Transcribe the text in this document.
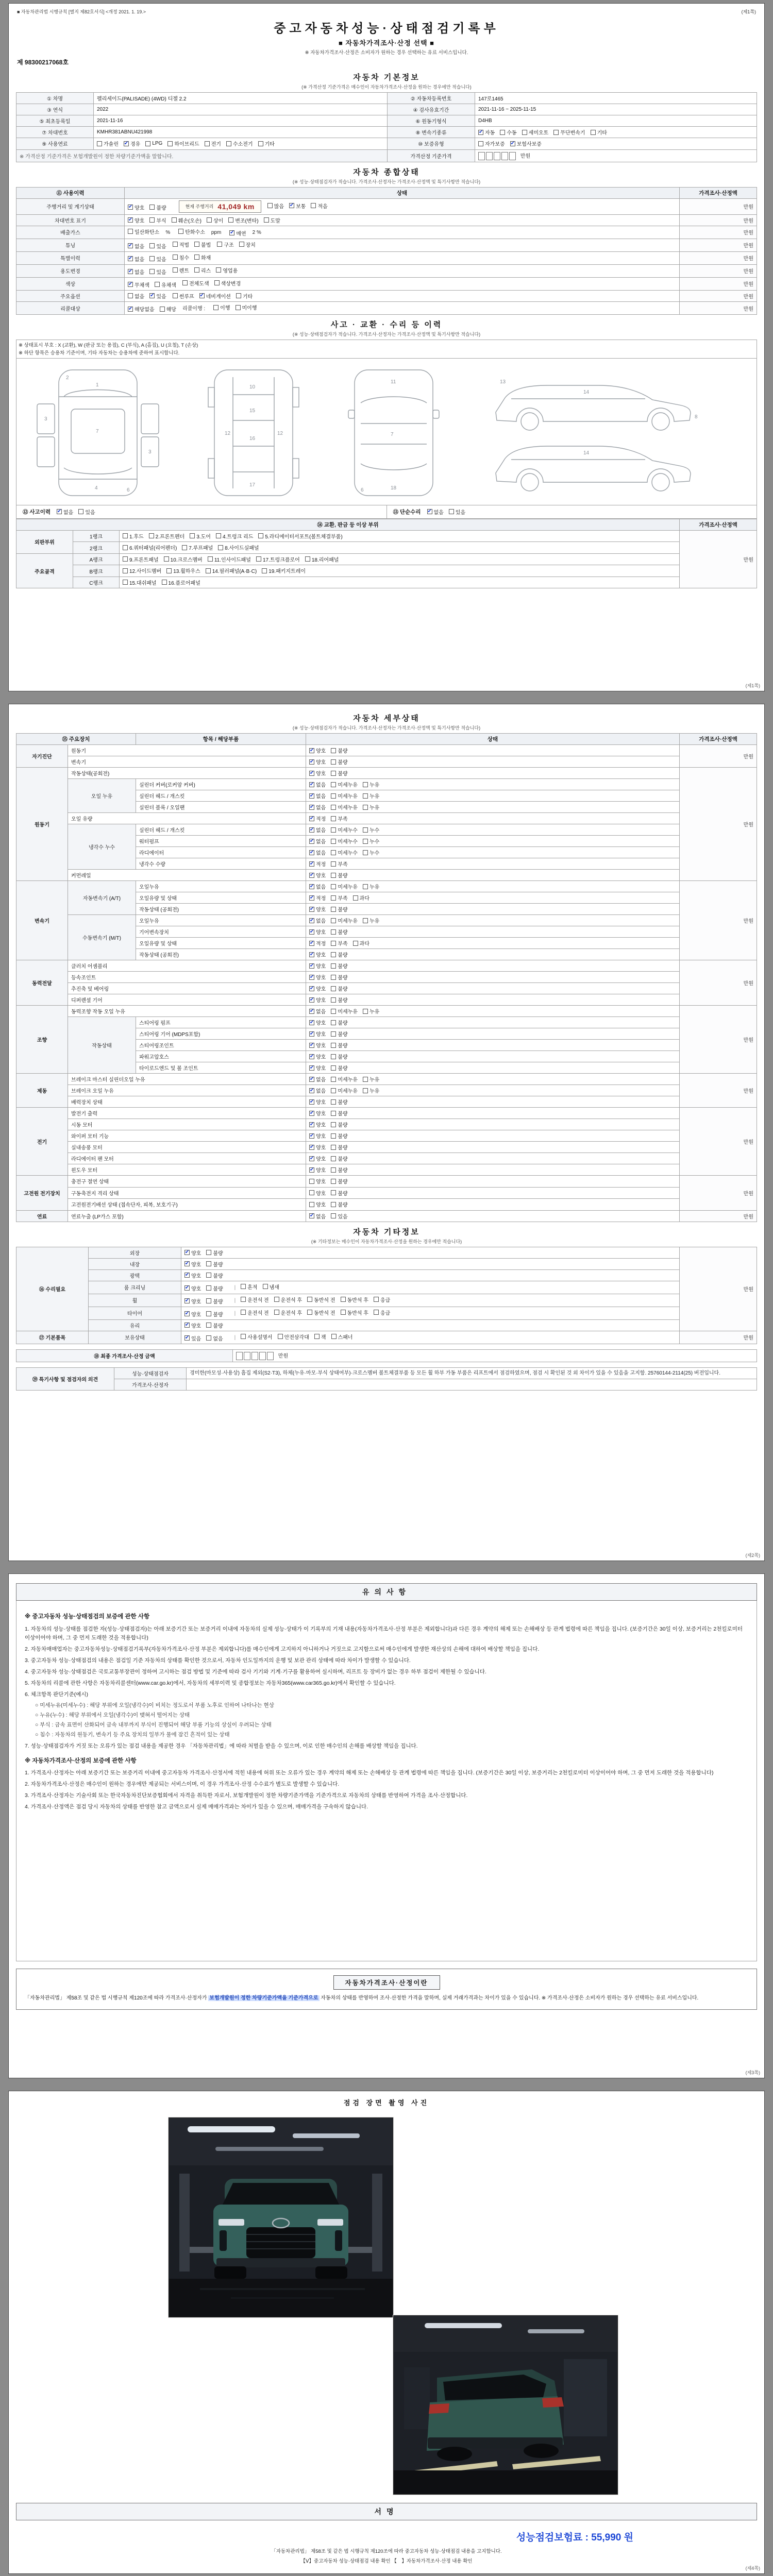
■ 자동차관리법 시행규칙 [별지 제82호서식] <개정 2021. 1. 19.>	(제1쪽)
중고자동차성능·상태점검기록부
■ 자동차가격조사·산정 선택 ■
※ 자동차가격조사·산정은 소비자가 원하는 경우 선택하는 유료 서비스입니다.
제 98300217068호
자동차 기본정보
(※ 가격산정 기준가격은 매수인이 자동차가격조사·산정을 원하는 경우에만 적습니다)
① 차명	펠리세이드(PALISADE) (4WD) 디젤 2.2	② 자동차등록번호	147로1465
③ 연식	2022	④ 검사유효기간	2021-11-16 ~ 2025-11-15
⑤ 최초등록일	2021-11-16	⑥ 원동기형식	D4HB
⑦ 차대번호	KMHR381ABNU421998	⑧ 변속기종류	✔ 자동 수동 세미오토 무단변속기 기타

⑨ 사용연료	가솔린 ✔ 경유 LPG 하이브리드 전기 수소전기 기타	⑩ 보증유형	자가보증 ✔ 보험사보증

※ 가격산정 기준가격은 보험개발원이 정한 차량기준가액을 말합니다.		가격산정 기준가격	만원
자동차 종합상태
(※ 성능·상태점검자가 적습니다. 가격조사·산정자는 가격조사·산정액 및 특기사항만 적습니다)
⑪ 사용이력	상태	가격조사·산정액
주행거리 및 계기상태	✔ 양호 불량	현재 주행거리 41,049 km	많음 ✔ 보통 적음	만원
차대번호 표기	✔ 양호 부식 훼손(오손) 상이 변조(변타) 도말	만원
배출가스	일산화탄소 %	탄화수소 ppm ✔ 매연 2 %	만원
튜닝	✔ 없음 있음	적법 불법	구조 장치	만원
특별이력	✔ 없음 있음 침수 화재	만원
용도변경	✔ 없음 있음	렌트 리스 영업용	만원
색상	✔ 무채색 유채색 전체도색 색상변경	만원
주요옵션	없음 ✔ 있음	썬루프 ✔ 네비게이션 기타	만원
리콜대상	✔ 해당없음 해당 리콜이행 :	이행 미이행	만원
사고 · 교환 · 수리 등 이력
(※ 성능·상태점검자가 적습니다. 가격조사·산정자는 가격조사·산정액 및 특기사항만 적습니다)
※ 상태표시 부호 : X (교환), W (판금 또는 용접), C (부식), A (흠집), U (요철), T (손상)
※ 하단 항목은 승용차 기준이며, 기타 자동차는 승용차에 준하여 표시합니다.
1
7
4
3
3
2
6
10
12	12
16
17
15
11
7
18
6
14
14
13
8
⑫ 사고이력 ✔ 없음 있음	⑬ 단순수리 ✔ 없음 있음
⑭ 교환, 판금 등 이상 부위			가격조사·산정액
외판부위	1랭크	1.후드 2.프론트펜더 3.도어 4.트렁크 리드 5.라디에이터서포트(볼트체결부품)	만원
	2랭크	6.쿼터패널(리어펜더) 7.루프패널 8.사이드실패널	

주요골격	A랭크	9.프론트패널 10.크로스멤버 11.인사이드패널 17.트렁크플로어 18.리어패널	

	B랭크	12.사이드멤버 13.휠하우스 14.필러패널(A·B·C) 19.패키지트레이	

	C랭크	15.대쉬패널 16.플로어패널	
(제1쪽)
자동차 세부상태
(※ 성능·상태점검자가 적습니다. 가격조사·산정자는 가격조사·산정액 및 특기사항만 적습니다)
⑮ 주요장치		항목 / 해당부품	상태	가격조사·산정액
자기진단	원동기		✔ 양호 불량	만원
	변속기		✔ 양호 불량	

원동기	작동상태(공회전)		✔ 양호 불량	만원
	오일 누유	실린더 커버(로커암 커버)	✔ 없음 미세누유 누유	

		실린더 헤드 / 개스킷	✔ 없음 미세누유 누유	

		실린더 블록 / 오일팬	✔ 없음 미세누유 누유	

	오일 유량		✔ 적정 부족	

	냉각수 누수	실린더 헤드 / 개스킷	✔ 없음 미세누수 누수	

		워터펌프	✔ 없음 미세누수 누수	

		라디에이터	✔ 없음 미세누수 누수	

		냉각수 수량	✔ 적정 부족	

	커먼레일		✔ 양호 불량	

변속기	자동변속기 (A/T)	오일누유	✔ 없음 미세누유 누유	만원
		오일유량 및 상태	✔ 적정 부족 과다	

		작동상태 (공회전)	✔ 양호 불량	

	수동변속기 (M/T)	오일누유	✔ 없음 미세누유 누유	

		기어변속장치	✔ 양호 불량	

		오일유량 및 상태	✔ 적정 부족 과다	

		작동상태 (공회전)	✔ 양호 불량	

동력전달	클러치 어셈블리		✔ 양호 불량	만원
	등속조인트		✔ 양호 불량	

	추진축 및 베어링		✔ 양호 불량	

	디퍼렌셜 기어		✔ 양호 불량	

조향	동력조향 작동 오일 누유		✔ 없음 미세누유 누유	만원
	작동상태	스티어링 펌프	✔ 양호 불량	

		스티어링 기어 (MDPS포함)	✔ 양호 불량	

		스티어링조인트	✔ 양호 불량	

		파워고압호스	✔ 양호 불량	

		타이로드엔드 및 볼 조인트	✔ 양호 불량	

제동	브레이크 마스터 실린더오일 누유		✔ 없음 미세누유 누유	만원
	브레이크 오일 누유		✔ 없음 미세누유 누유	

	배력장치 상태		✔ 양호 불량	

전기	발전기 출력		✔ 양호 불량	만원
	시동 모터		✔ 양호 불량	

	와이퍼 모터 기능		✔ 양호 불량	

	실내송풍 모터		✔ 양호 불량	

	라디에이터 팬 모터		✔ 양호 불량	

	윈도우 모터		✔ 양호 불량	

고전원 전기장치	충전구 절연 상태		양호 불량	만원
	구동축전지 격리 상태		양호 불량	

	고전원전기배선 상태 (접속단자, 피복, 보호기구)		양호 불량	

연료	연료누출 (LP가스 포함)		✔ 없음 있음	만원
자동차 기타정보
(※ 기타정보는 매수인이 자동차가격조사·산정을 원하는 경우에만 적습니다)
⑯ 수리필요	외장	✔ 양호 불량	만원
	내장	✔ 양호 불량	

	광택	✔ 양호 불량	

룸 크리닝	✔ 양호 불량 | 흔적 냄새

휠	✔ 양호 불량 | 운전석 전 운전석 후 동반석 전 동반석 후 응급

타이어	✔ 양호 불량 | 운전석 전 운전석 후 동반석 전 동반석 후 응급

	유리	✔ 양호 불량	

⑰ 기본품목	보유상태	✔ 있음 없음 | 사용설명서 안전삼각대 잭 스패너	만원
⑱ 최종 가격조사·산정 금액	만원
⑲ 특기사항 및 점검자의 의견	성능·상태점검자	경미한(마모성·사용상) 흠집 제외(S2·T3), 하체(누유·마모·부식 상태여부)·크로스멤버 볼트체결부품 등 모든 휠 하부 가동 부품은 리프트에서 점검하였으며, 점검 시 확인된 것 외 차이가 있을 수 있음을 고지함. 25760144-2114(25) 버전입니다.
	가격조사·산정자	
(제2쪽)
유의사항
※ 중고자동차 성능·상태점검의 보증에 관한 사항
1. 자동차의 성능·상태를 점검한 자(성능·상태점검자)는 아래 보증기간 또는 보증거리 이내에 자동차의 실제 성능·상태가 이 기록부의 기재 내용(자동차가격조사·산정 부분은 제외합니다)과 다른 경우 계약의 해제 또는 손해배상 등 관계 법령에 따른 책임을 집니다. (보증기간은 30일 이상, 보증거리는 2천킬로미터 이상이어야 하며, 그 중 먼저 도래한 것을 적용합니다)
2. 자동차매매업자는 중고자동차성능·상태점검기록부(자동차가격조사·산정 부분은 제외합니다)를 매수인에게 고지하지 아니하거나 거짓으로 고지함으로써 매수인에게 발생한 재산상의 손해에 대하여 배상할 책임을 집니다.
3. 중고자동차 성능·상태점검의 내용은 점검일 기준 자동차의 상태를 확인한 것으로서, 자동차 인도일까지의 운행 및 보관 관리 상태에 따라 차이가 발생할 수 있습니다.
4. 중고자동차 성능·상태점검은 국토교통부장관이 정하여 고시하는 점검 방법 및 기준에 따라 검사 기기와 기계·기구를 활용하여 실시하며, 리프트 등 장비가 없는 경우 하부 점검이 제한될 수 있습니다.
5. 자동차의 리콜에 관한 사항은 자동차리콜센터(www.car.go.kr)에서, 자동차의 세부이력 및 종합정보는 자동차365(www.car365.go.kr)에서 확인할 수 있습니다.
6. 체크항목 판단기준(예시)
○ 미세누유(미세누수) : 해당 부위에 오일(냉각수)이 비치는 정도로서 부품 노후로 인하여 나타나는 현상
○ 누유(누수) : 해당 부위에서 오일(냉각수)이 맺혀서 떨어지는 상태
○ 부식 : 금속 표면이 산화되어 금속 내부까지 부식이 진행되어 해당 부품 기능의 상실이 우려되는 상태
○ 침수 : 자동차의 원동기, 변속기 등 주요 장치의 일부가 물에 잠긴 흔적이 있는 상태
7. 성능·상태점검자가 거짓 또는 오류가 있는 점검 내용을 제공한 경우 「자동차관리법」에 따라 처벌을 받을 수 있으며, 이로 인한 매수인의 손해를 배상할 책임을 집니다.
※ 자동차가격조사·산정의 보증에 관한 사항
1. 가격조사·산정자는 아래 보증기간 또는 보증거리 이내에 중고자동차 가격조사·산정서에 적힌 내용에 허위 또는 오류가 있는 경우 계약의 해제 또는 손해배상 등 관계 법령에 따른 책임을 집니다. (보증기간은 30일 이상, 보증거리는 2천킬로미터 이상이어야 하며, 그 중 먼저 도래한 것을 적용합니다)
2. 자동차가격조사·산정은 매수인이 원하는 경우에만 제공되는 서비스이며, 이 경우 가격조사·산정 수수료가 별도로 발생할 수 있습니다.
3. 가격조사·산정자는 기술사회 또는 한국자동차진단보증협회에서 자격을 취득한 자로서, 보험개발원이 정한 차량기준가액을 기준가격으로 자동차의 상태를 반영하여 가격을 조사·산정합니다.
4. 가격조사·산정액은 점검 당시 자동차의 상태를 반영한 참고 금액으로서 실제 매매가격과는 차이가 있을 수 있으며, 매매가격을 구속하지 않습니다.
자동차가격조사·산정이란
「자동차관리법」 제58조 및 같은 법 시행규칙 제120조에 따라 가격조사·산정자가 보험개발원이 정한 차량기준가액을 기준가격으로 자동차의 상태를 반영하여 조사·산정한 가격을 말하며, 실제 거래가격과는 차이가 있을 수 있습니다. ※ 가격조사·산정은 소비자가 원하는 경우 선택하는 유료 서비스입니다.
(제3쪽)
점검 장면 촬영 사진
서명
성능점검보험료 : 55,990 원
「자동차관리법」 제58조 및 같은 법 시행규칙 제120조에 따라 중고자동차 성능·상태점검 내용을 고지합니다.
【Ⅴ】중고자동차 성능·상태점검 내용 확인 【　】자동차가격조사·산정 내용 확인
(제4쪽)
